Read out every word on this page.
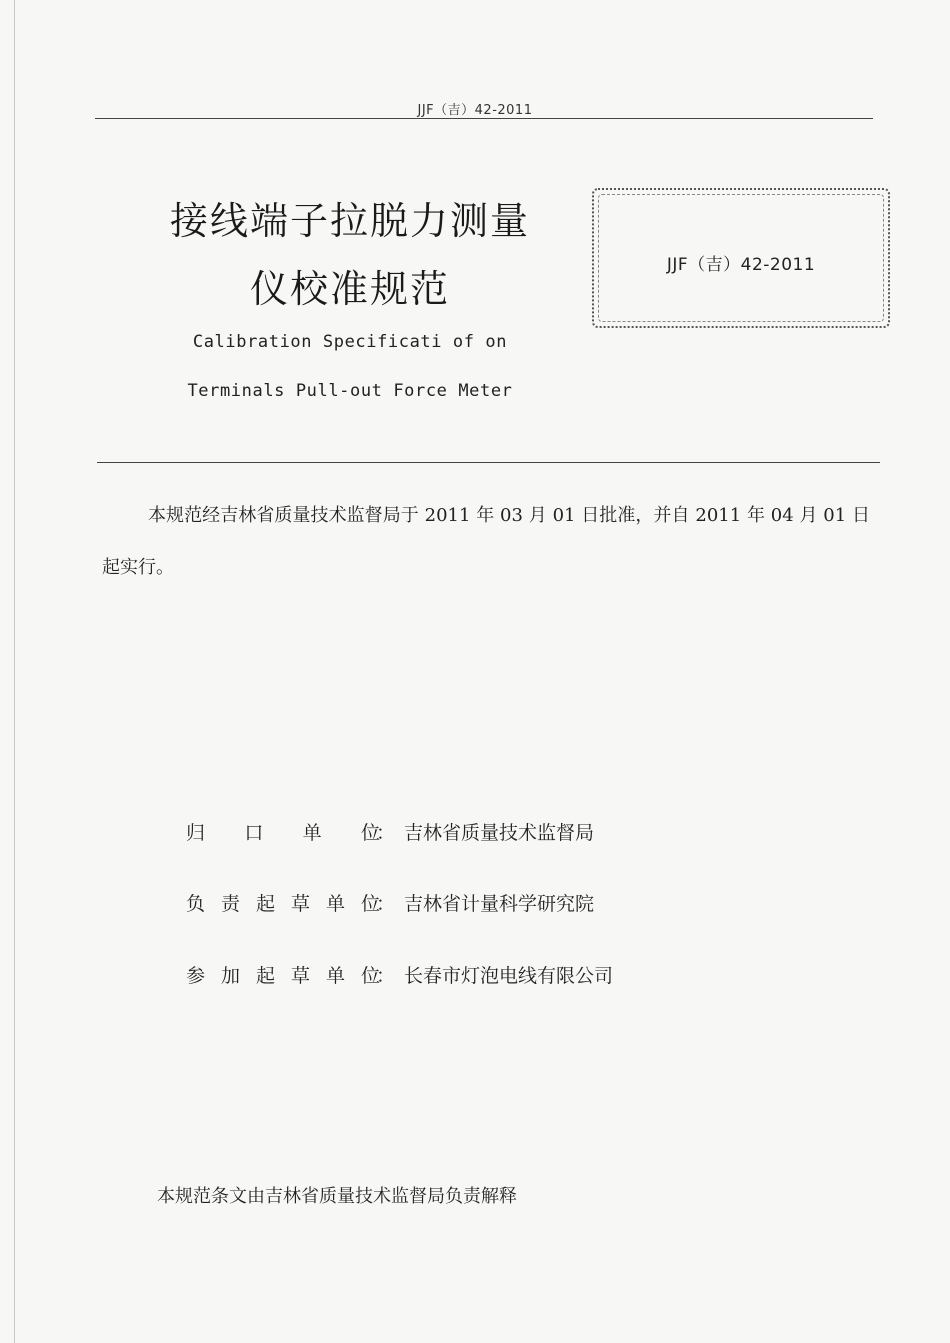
JJF（吉）42-2011
接线端子拉脱力测量
仪校准规范
Calibration Specificati of on
Terminals Pull-out Force Meter
JJF（吉）42-2011
本规范经吉林省质量技术监督局于 2011 年 03 月 01 日批准，并自 2011 年 04 月 01 日起实行。
归 口 单 位
： 吉林省质量技术监督局
负责起草单位
： 吉林省计量科学研究院
参加起草单位
： 长春市灯泡电线有限公司
本规范条文由吉林省质量技术监督局负责解释
